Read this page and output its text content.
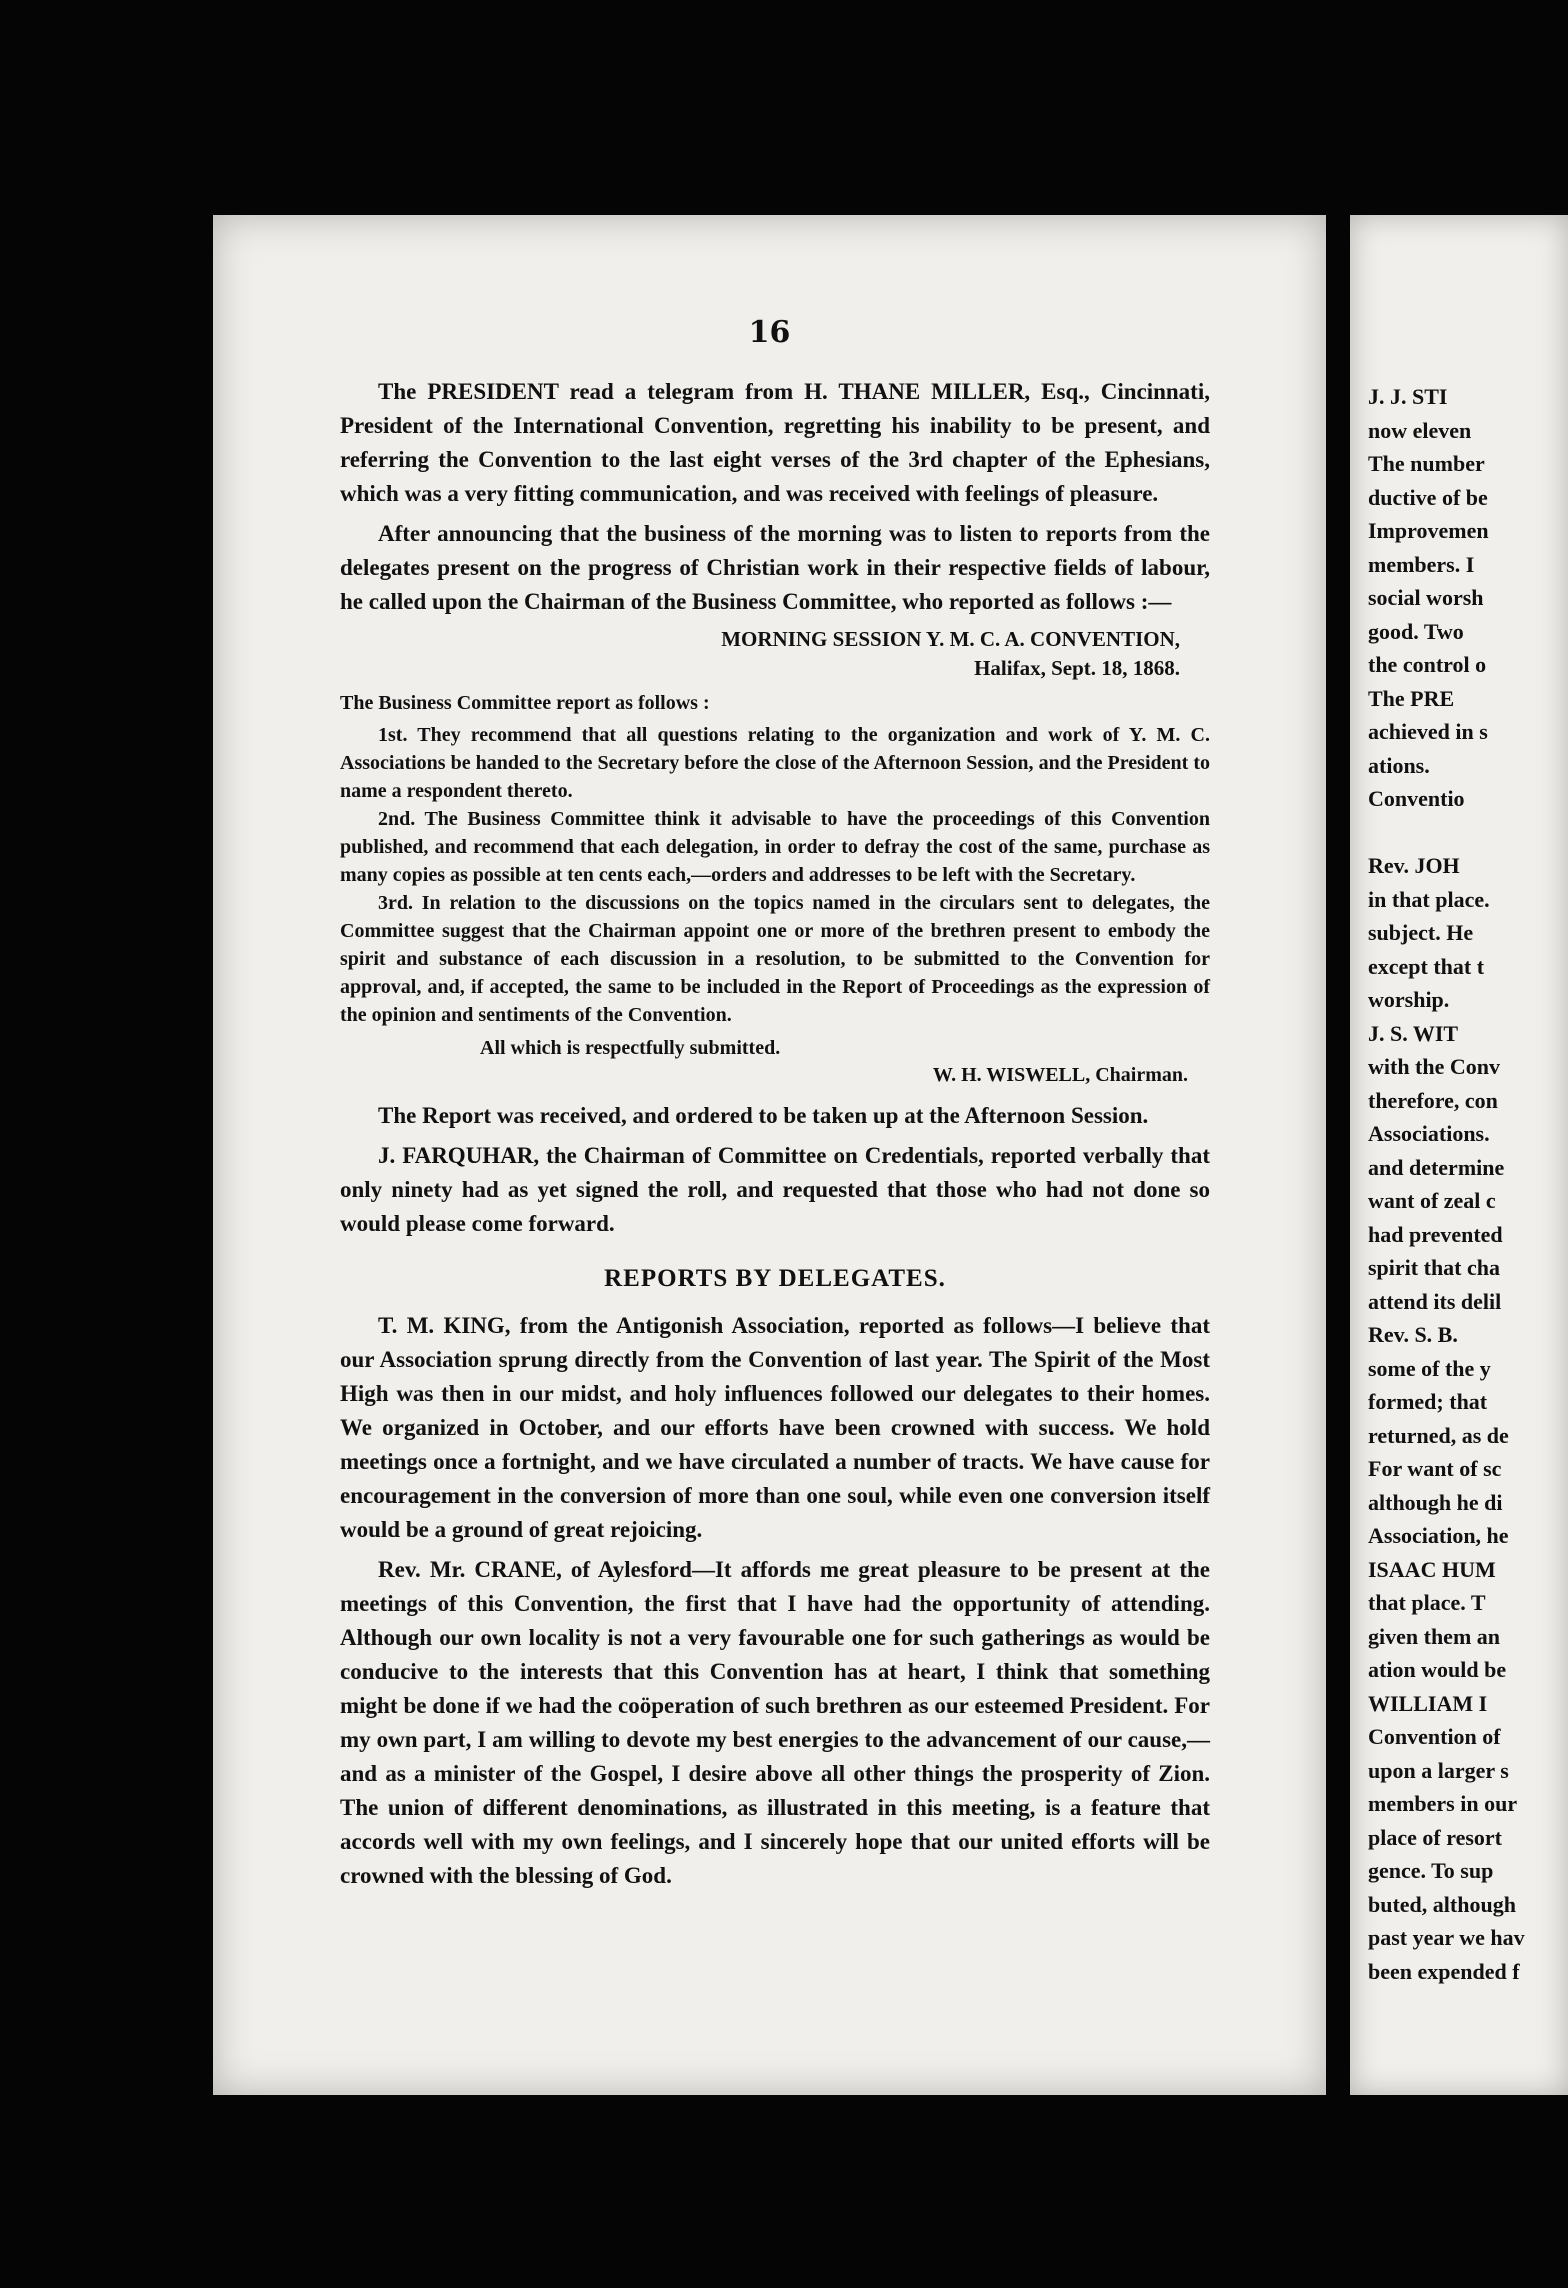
16

The PRESIDENT read a telegram from H. THANE MILLER, Esq., Cincinnati, President of the International Convention, regretting his inability to be present, and referring the Convention to the last eight verses of the 3rd chapter of the Ephesians, which was a very fitting communication, and was received with feelings of pleasure.

After announcing that the business of the morning was to listen to reports from the delegates present on the progress of Christian work in their respective fields of labour, he called upon the Chairman of the Business Committee, who reported as follows :—

MORNING SESSION Y. M. C. A. CONVENTION,
Halifax, Sept. 18, 1868.

The Business Committee report as follows :

1st. They recommend that all questions relating to the organization and work of Y. M. C. Associations be handed to the Secretary before the close of the Afternoon Session, and the President to name a respondent thereto.

2nd. The Business Committee think it advisable to have the proceedings of this Convention published, and recommend that each delegation, in order to defray the cost of the same, purchase as many copies as possible at ten cents each,—orders and addresses to be left with the Secretary.

3rd. In relation to the discussions on the topics named in the circulars sent to delegates, the Committee suggest that the Chairman appoint one or more of the brethren present to embody the spirit and substance of each discussion in a resolution, to be submitted to the Convention for approval, and, if accepted, the same to be included in the Report of Proceedings as the expression of the opinion and sentiments of the Convention.

All which is respectfully submitted.

W. H. WISWELL, Chairman.

The Report was received, and ordered to be taken up at the Afternoon Session.

J. FARQUHAR, the Chairman of Committee on Credentials, reported verbally that only ninety had as yet signed the roll, and requested that those who had not done so would please come forward.

REPORTS BY DELEGATES.

T. M. KING, from the Antigonish Association, reported as follows—I believe that our Association sprung directly from the Convention of last year. The Spirit of the Most High was then in our midst, and holy influences followed our delegates to their homes. We organized in October, and our efforts have been crowned with success. We hold meetings once a fortnight, and we have circulated a number of tracts. We have cause for encouragement in the conversion of more than one soul, while even one conversion itself would be a ground of great rejoicing.

Rev. Mr. CRANE, of Aylesford—It affords me great pleasure to be present at the meetings of this Convention, the first that I have had the opportunity of attending. Although our own locality is not a very favourable one for such gatherings as would be conducive to the interests that this Convention has at heart, I think that something might be done if we had the coöperation of such brethren as our esteemed President. For my own part, I am willing to devote my best energies to the advancement of our cause,—and as a minister of the Gospel, I desire above all other things the prosperity of Zion. The union of different denominations, as illustrated in this meeting, is a feature that accords well with my own feelings, and I sincerely hope that our united efforts will be crowned with the blessing of God.

J. J. STI
now eleven
The number
ductive of be
Improvemen
members. I
social worsh
good. Two
the control o
The PRE
achieved in s
ations.
Conventio
Rev. JOH
in that place.
subject. He
except that t
worship.
J. S. WIT
with the Conv
therefore, con
Associations.
and determine
want of zeal c
had prevented
spirit that cha
attend its delil
Rev. S. B.
some of the y
formed; that
returned, as de
For want of sc
although he di
Association, he
ISAAC HUM
that place. T
given them an
ation would be
WILLIAM I
Convention of
upon a larger s
members in our
place of resort
gence. To sup
buted, although
past year we hav
been expended f
